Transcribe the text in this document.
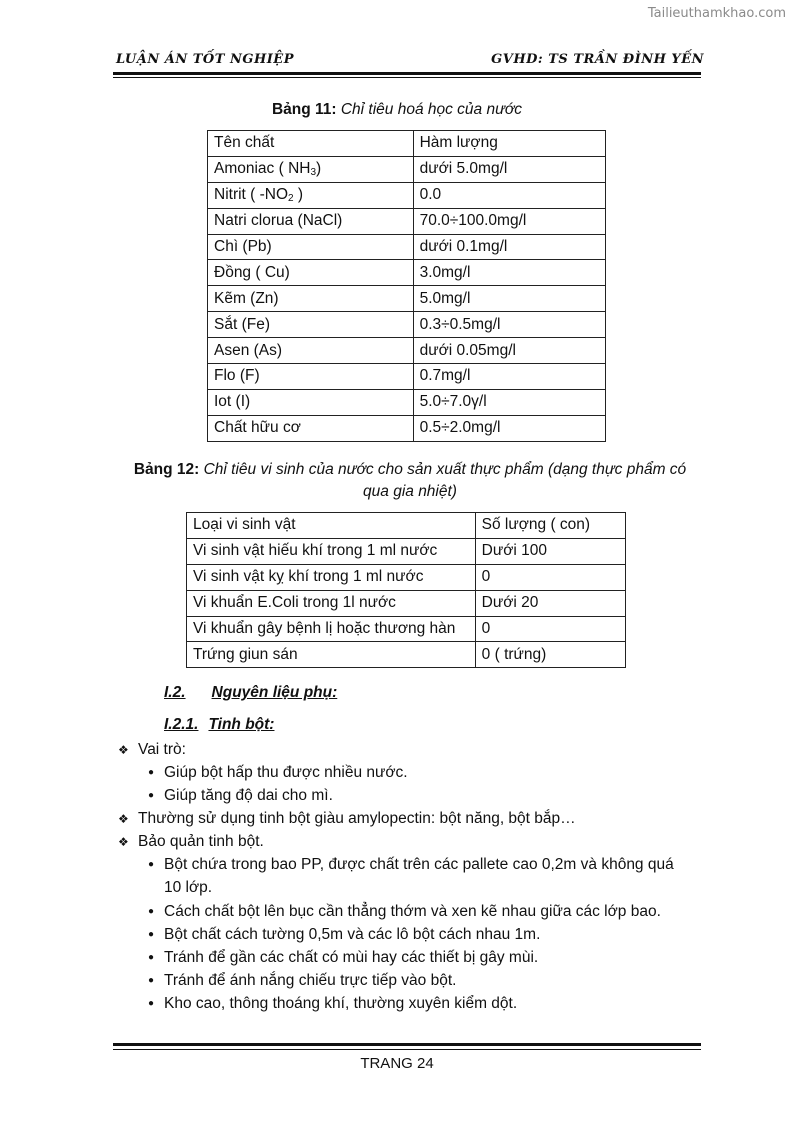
Tailieuthamkhao.com
LUẬN ÁN TỐT NGHIỆP	GVHD: TS TRẦN ĐÌNH YẾN
Bảng 11: Chỉ tiêu hoá học của nước
Tên chất	Hàm lượng
Amoniac ( $NH_3$)	dưới 5.0mg/l
Nitrit ( $-NO_2$ )	0.0
Natri clorua (NaCl)	70.0÷100.0mg/l
Chì (Pb)	dưới 0.1mg/l
Đồng ( Cu)	3.0mg/l
Kẽm (Zn)	5.0mg/l
Sắt (Fe)	0.3÷0.5mg/l
Asen (As)	dưới 0.05mg/l
Flo (F)	0.7mg/l
Iot (I)	5.0÷7.0γ/l
Chất hữu cơ	0.5÷2.0mg/l
Bảng 12: Chỉ tiêu vi sinh của nước cho sản xuất thực phẩm (dạng thực phẩm có
qua gia nhiệt)
Loại vi sinh vật	Số lượng ( con)
Vi sinh vật hiếu khí trong 1 ml nước	Dưới 100
Vi sinh vật kỵ khí trong 1 ml nước	0
Vi khuẩn E.Coli trong 1l nước	Dưới 20
Vi khuẩn gây bệnh lị hoặc thương hàn	0
Trứng giun sán	0 ( trứng)
I.2. Nguyên liệu phụ:
I.2.1. Tinh bột:
❖ Vai trò:
● Giúp bột hấp thu được nhiều nước.
● Giúp tăng độ dai cho mì.
❖ Thường sử dụng tinh bột giàu amylopectin: bột năng, bột bắp…
❖ Bảo quản tinh bột.
● Bột chứa trong bao PP, được chất trên các pallete cao 0,2m và không quá
10 lớp.
● Cách chất bột lên bục cần thẳng thớm và xen kẽ nhau giữa các lớp bao.
● Bột chất cách tường 0,5m và các lô bột cách nhau 1m.
● Tránh để gần các chất có mùi hay các thiết bị gây mùi.
● Tránh để ánh nắng chiếu trực tiếp vào bột.
● Kho cao, thông thoáng khí, thường xuyên kiểm dột.
TRANG 24
